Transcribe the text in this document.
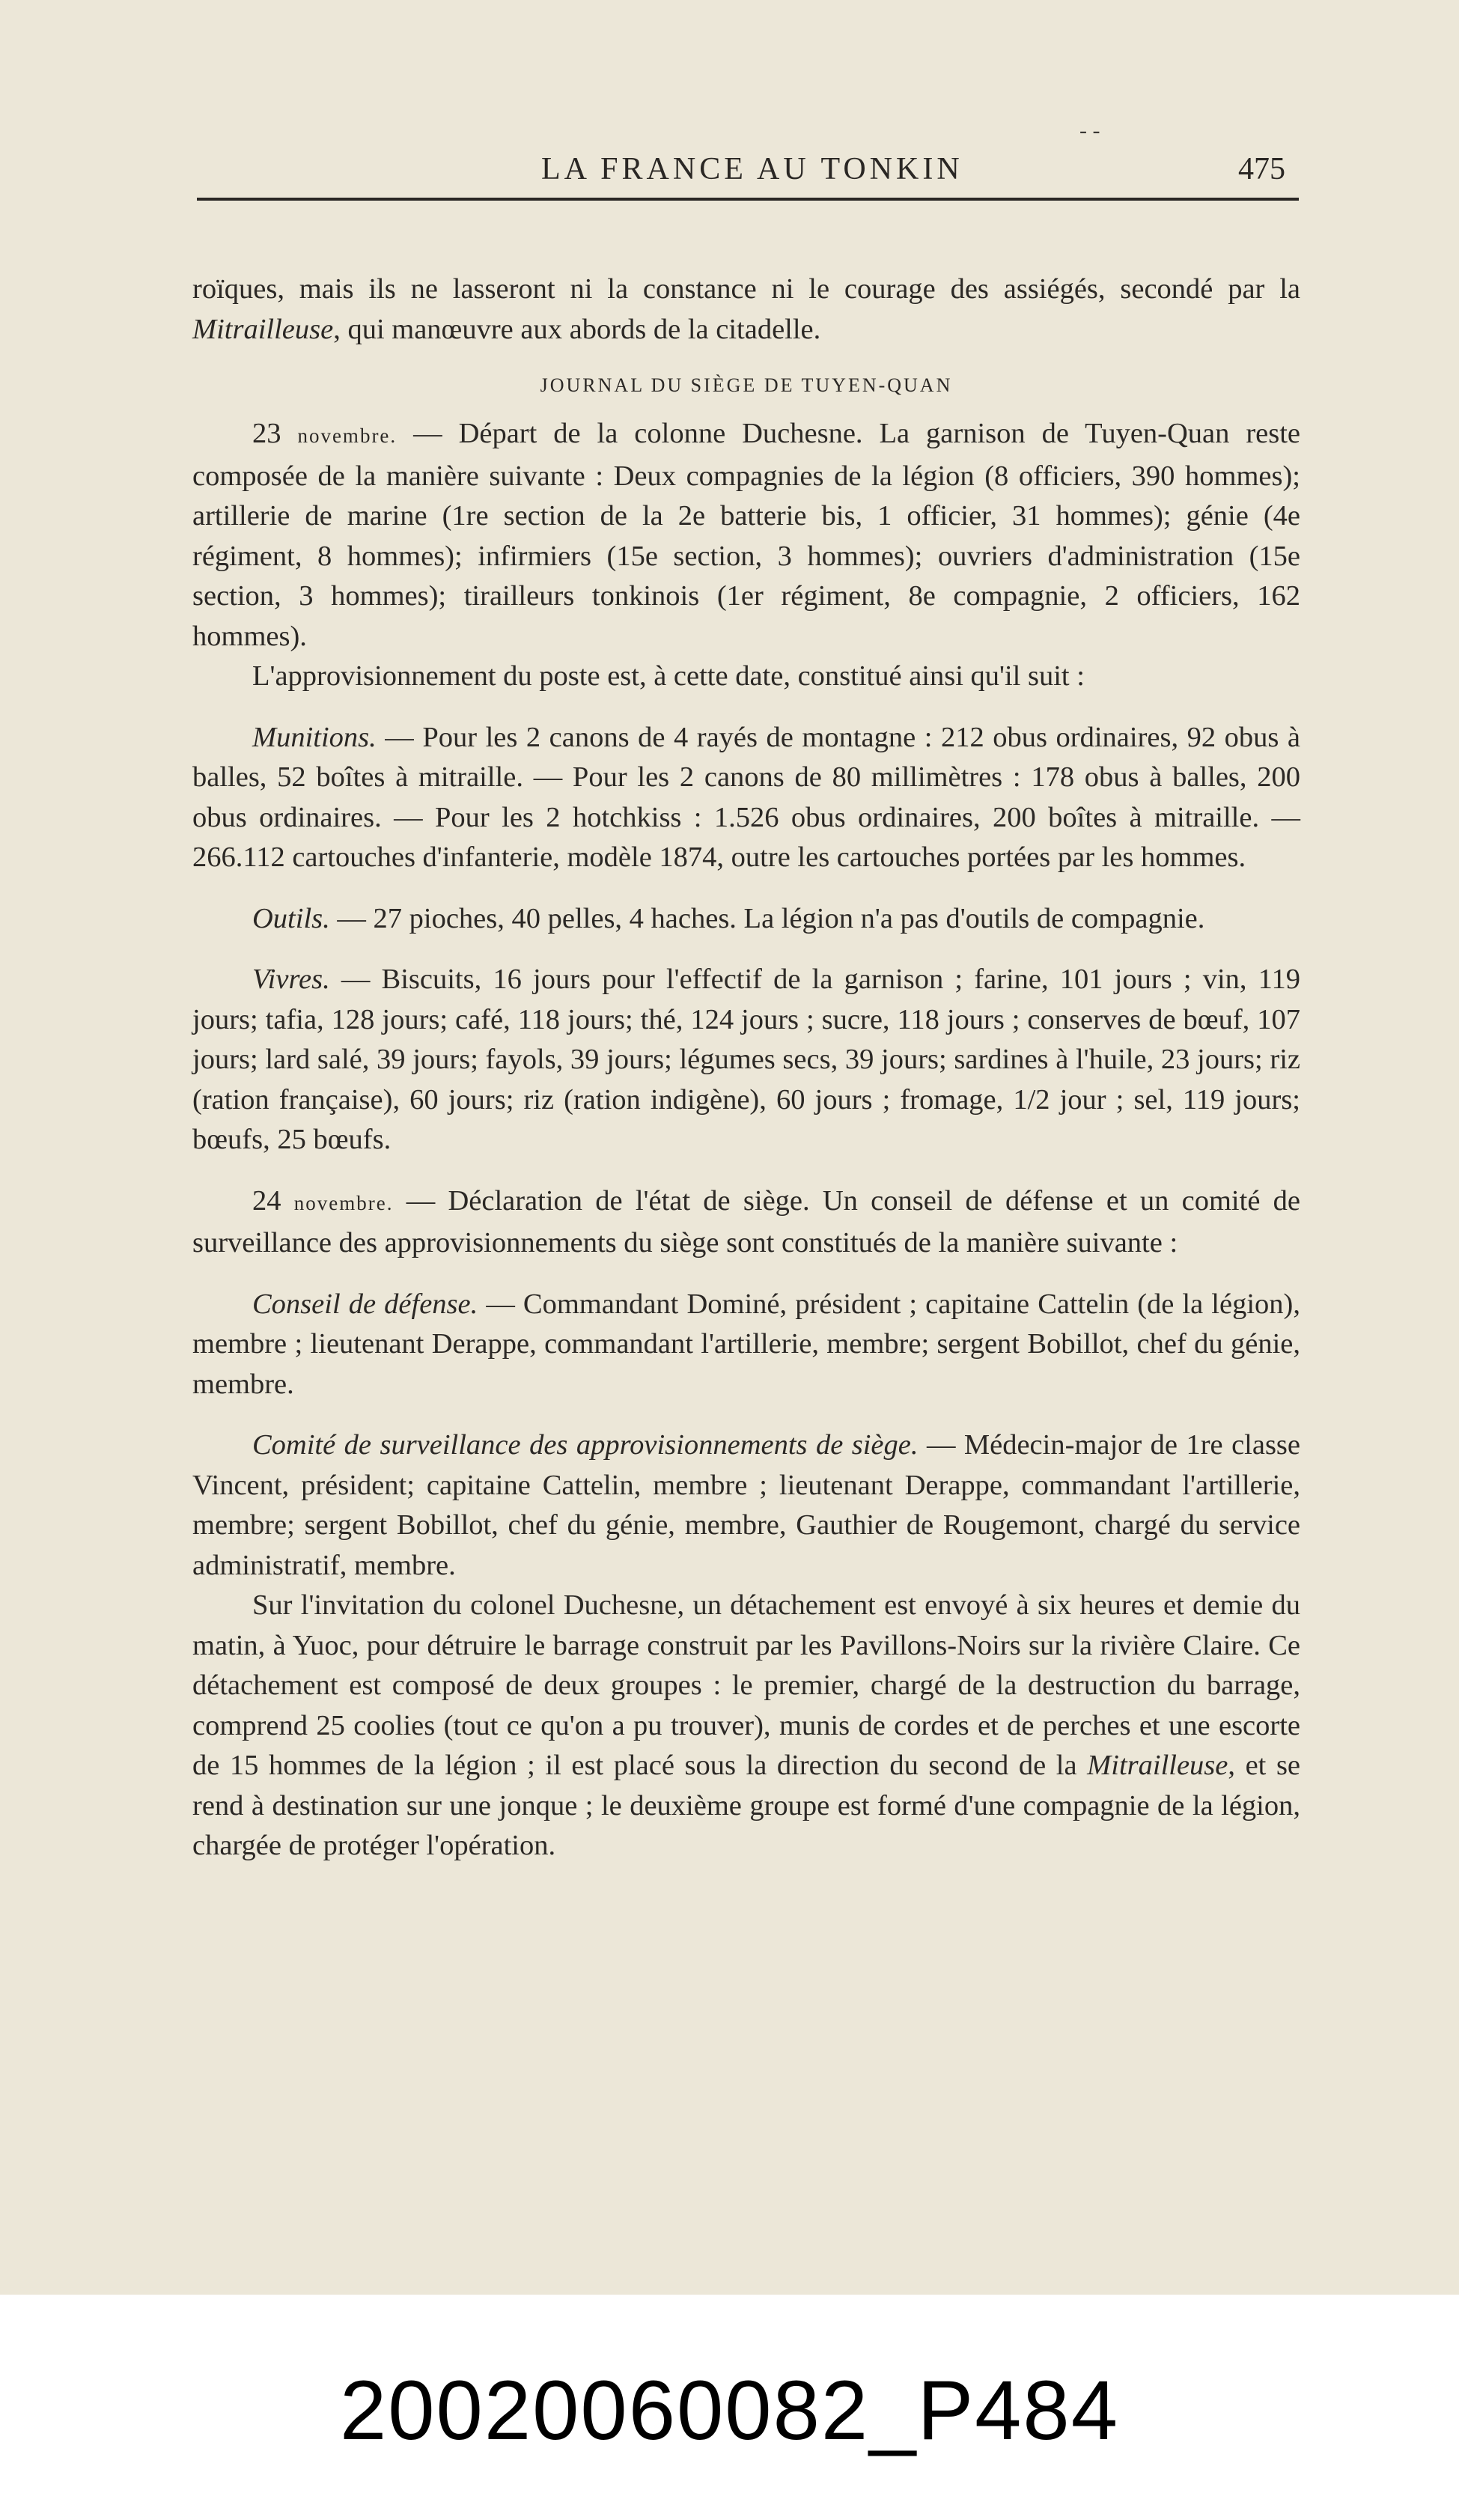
- -
LA FRANCE AU TONKIN	475

roïques, mais ils ne lasseront ni la constance ni le courage des assiégés, secondé par la Mitrailleuse, qui manœuvre aux abords de la citadelle.

JOURNAL DU SIÈGE DE TUYEN-QUAN

23 novembre. — Départ de la colonne Duchesne. La garnison de Tuyen-Quan reste composée de la manière suivante : Deux compagnies de la légion (8 officiers, 390 hommes); artillerie de marine (1re section de la 2e batterie bis, 1 officier, 31 hommes); génie (4e régiment, 8 hommes); infirmiers (15e section, 3 hommes); ouvriers d'administration (15e section, 3 hommes); tirailleurs tonkinois (1er régiment, 8e compagnie, 2 officiers, 162 hommes).

L'approvisionnement du poste est, à cette date, constitué ainsi qu'il suit :

Munitions. — Pour les 2 canons de 4 rayés de montagne : 212 obus ordinaires, 92 obus à balles, 52 boîtes à mitraille. — Pour les 2 canons de 80 millimètres : 178 obus à balles, 200 obus ordinaires. — Pour les 2 hotchkiss : 1.526 obus ordinaires, 200 boîtes à mitraille. — 266.112 cartouches d'infanterie, modèle 1874, outre les cartouches portées par les hommes.

Outils. — 27 pioches, 40 pelles, 4 haches. La légion n'a pas d'outils de compagnie.

Vivres. — Biscuits, 16 jours pour l'effectif de la garnison ; farine, 101 jours ; vin, 119 jours; tafia, 128 jours; café, 118 jours; thé, 124 jours ; sucre, 118 jours ; conserves de bœuf, 107 jours; lard salé, 39 jours; fayols, 39 jours; légumes secs, 39 jours; sardines à l'huile, 23 jours; riz (ration française), 60 jours; riz (ration indigène), 60 jours ; fromage, 1/2 jour ; sel, 119 jours; bœufs, 25 bœufs.

24 novembre. — Déclaration de l'état de siège. Un conseil de défense et un comité de surveillance des approvisionnements du siège sont constitués de la manière suivante :

Conseil de défense. — Commandant Dominé, président ; capitaine Cattelin (de la légion), membre ; lieutenant Derappe, commandant l'artillerie, membre; sergent Bobillot, chef du génie, membre.

Comité de surveillance des approvisionnements de siège. — Médecin-major de 1re classe Vincent, président; capitaine Cattelin, membre ; lieutenant Derappe, commandant l'artillerie, membre; sergent Bobillot, chef du génie, membre, Gauthier de Rougemont, chargé du service administratif, membre.

Sur l'invitation du colonel Duchesne, un détachement est envoyé à six heures et demie du matin, à Yuoc, pour détruire le barrage construit par les Pavillons-Noirs sur la rivière Claire. Ce détachement est composé de deux groupes : le premier, chargé de la destruction du barrage, comprend 25 coolies (tout ce qu'on a pu trouver), munis de cordes et de perches et une escorte de 15 hommes de la légion ; il est placé sous la direction du second de la Mitrailleuse, et se rend à destination sur une jonque ; le deuxième groupe est formé d'une compagnie de la légion, chargée de protéger l'opération.

20020060082_P484
